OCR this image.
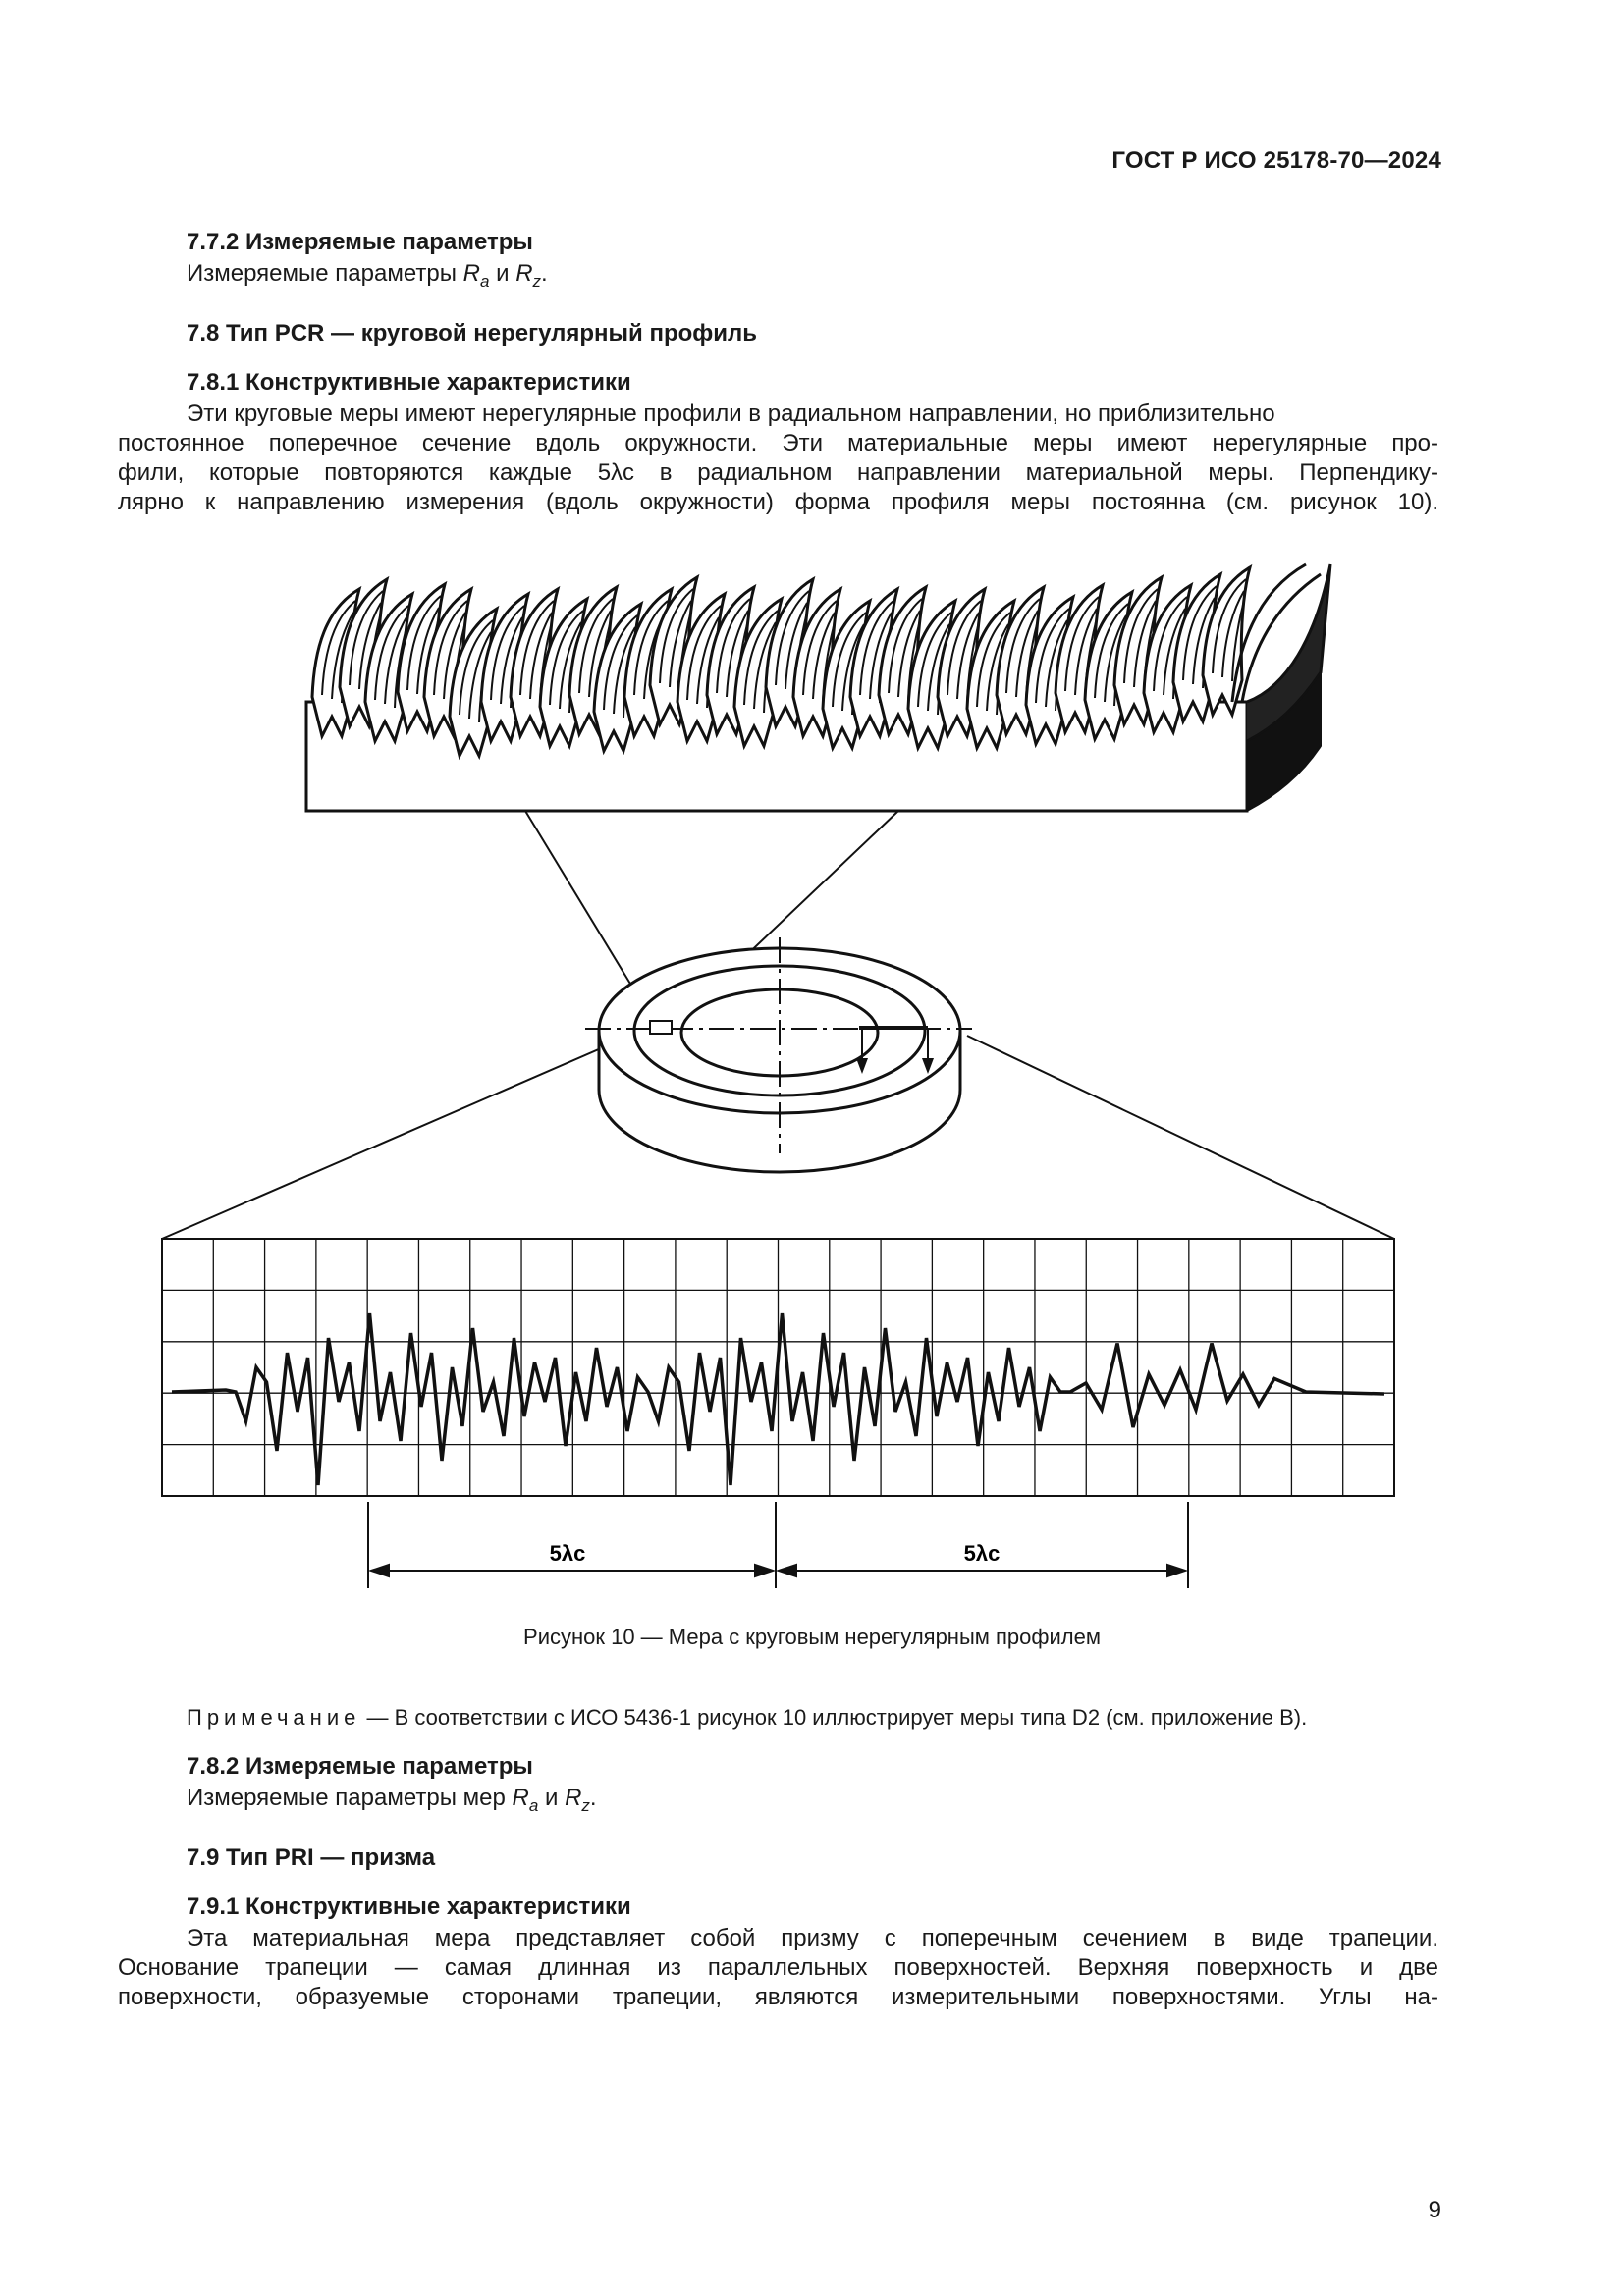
ГОСТ Р ИСО 25178-70—2024
7.7.2 Измеряемые параметры
Измеряемые параметры $R_a$ и $R_z$.
7.8 Тип PCR — круговой нерегулярный профиль
7.8.1 Конструктивные характеристики
Эти круговые меры имеют нерегулярные профили в радиальном направлении, но приблизительно
постоянное поперечное сечение вдоль окружности. Эти материальные меры имеют нерегулярные про-
фили, которые повторяются каждые 5λc в радиальном направлении материальной меры. Перпендику-
лярно к направлению измерения (вдоль окружности) форма профиля меры постоянна (см. рисунок 10).
5λc	5λc
Рисунок 10 — Мера с круговым нерегулярным профилем
Примечание — В соответствии с ИСО 5436-1 рисунок 10 иллюстрирует меры типа D2 (см. приложение В).
7.8.2 Измеряемые параметры
Измеряемые параметры мер $R_a$ и $R_z$.
7.9 Тип PRI — призма
7.9.1 Конструктивные характеристики
Эта материальная мера представляет собой призму с поперечным сечением в виде трапеции.
Основание трапеции — самая длинная из параллельных поверхностей. Верхняя поверхность и две
поверхности, образуемые сторонами трапеции, являются измерительными поверхностями. Углы на-
9
